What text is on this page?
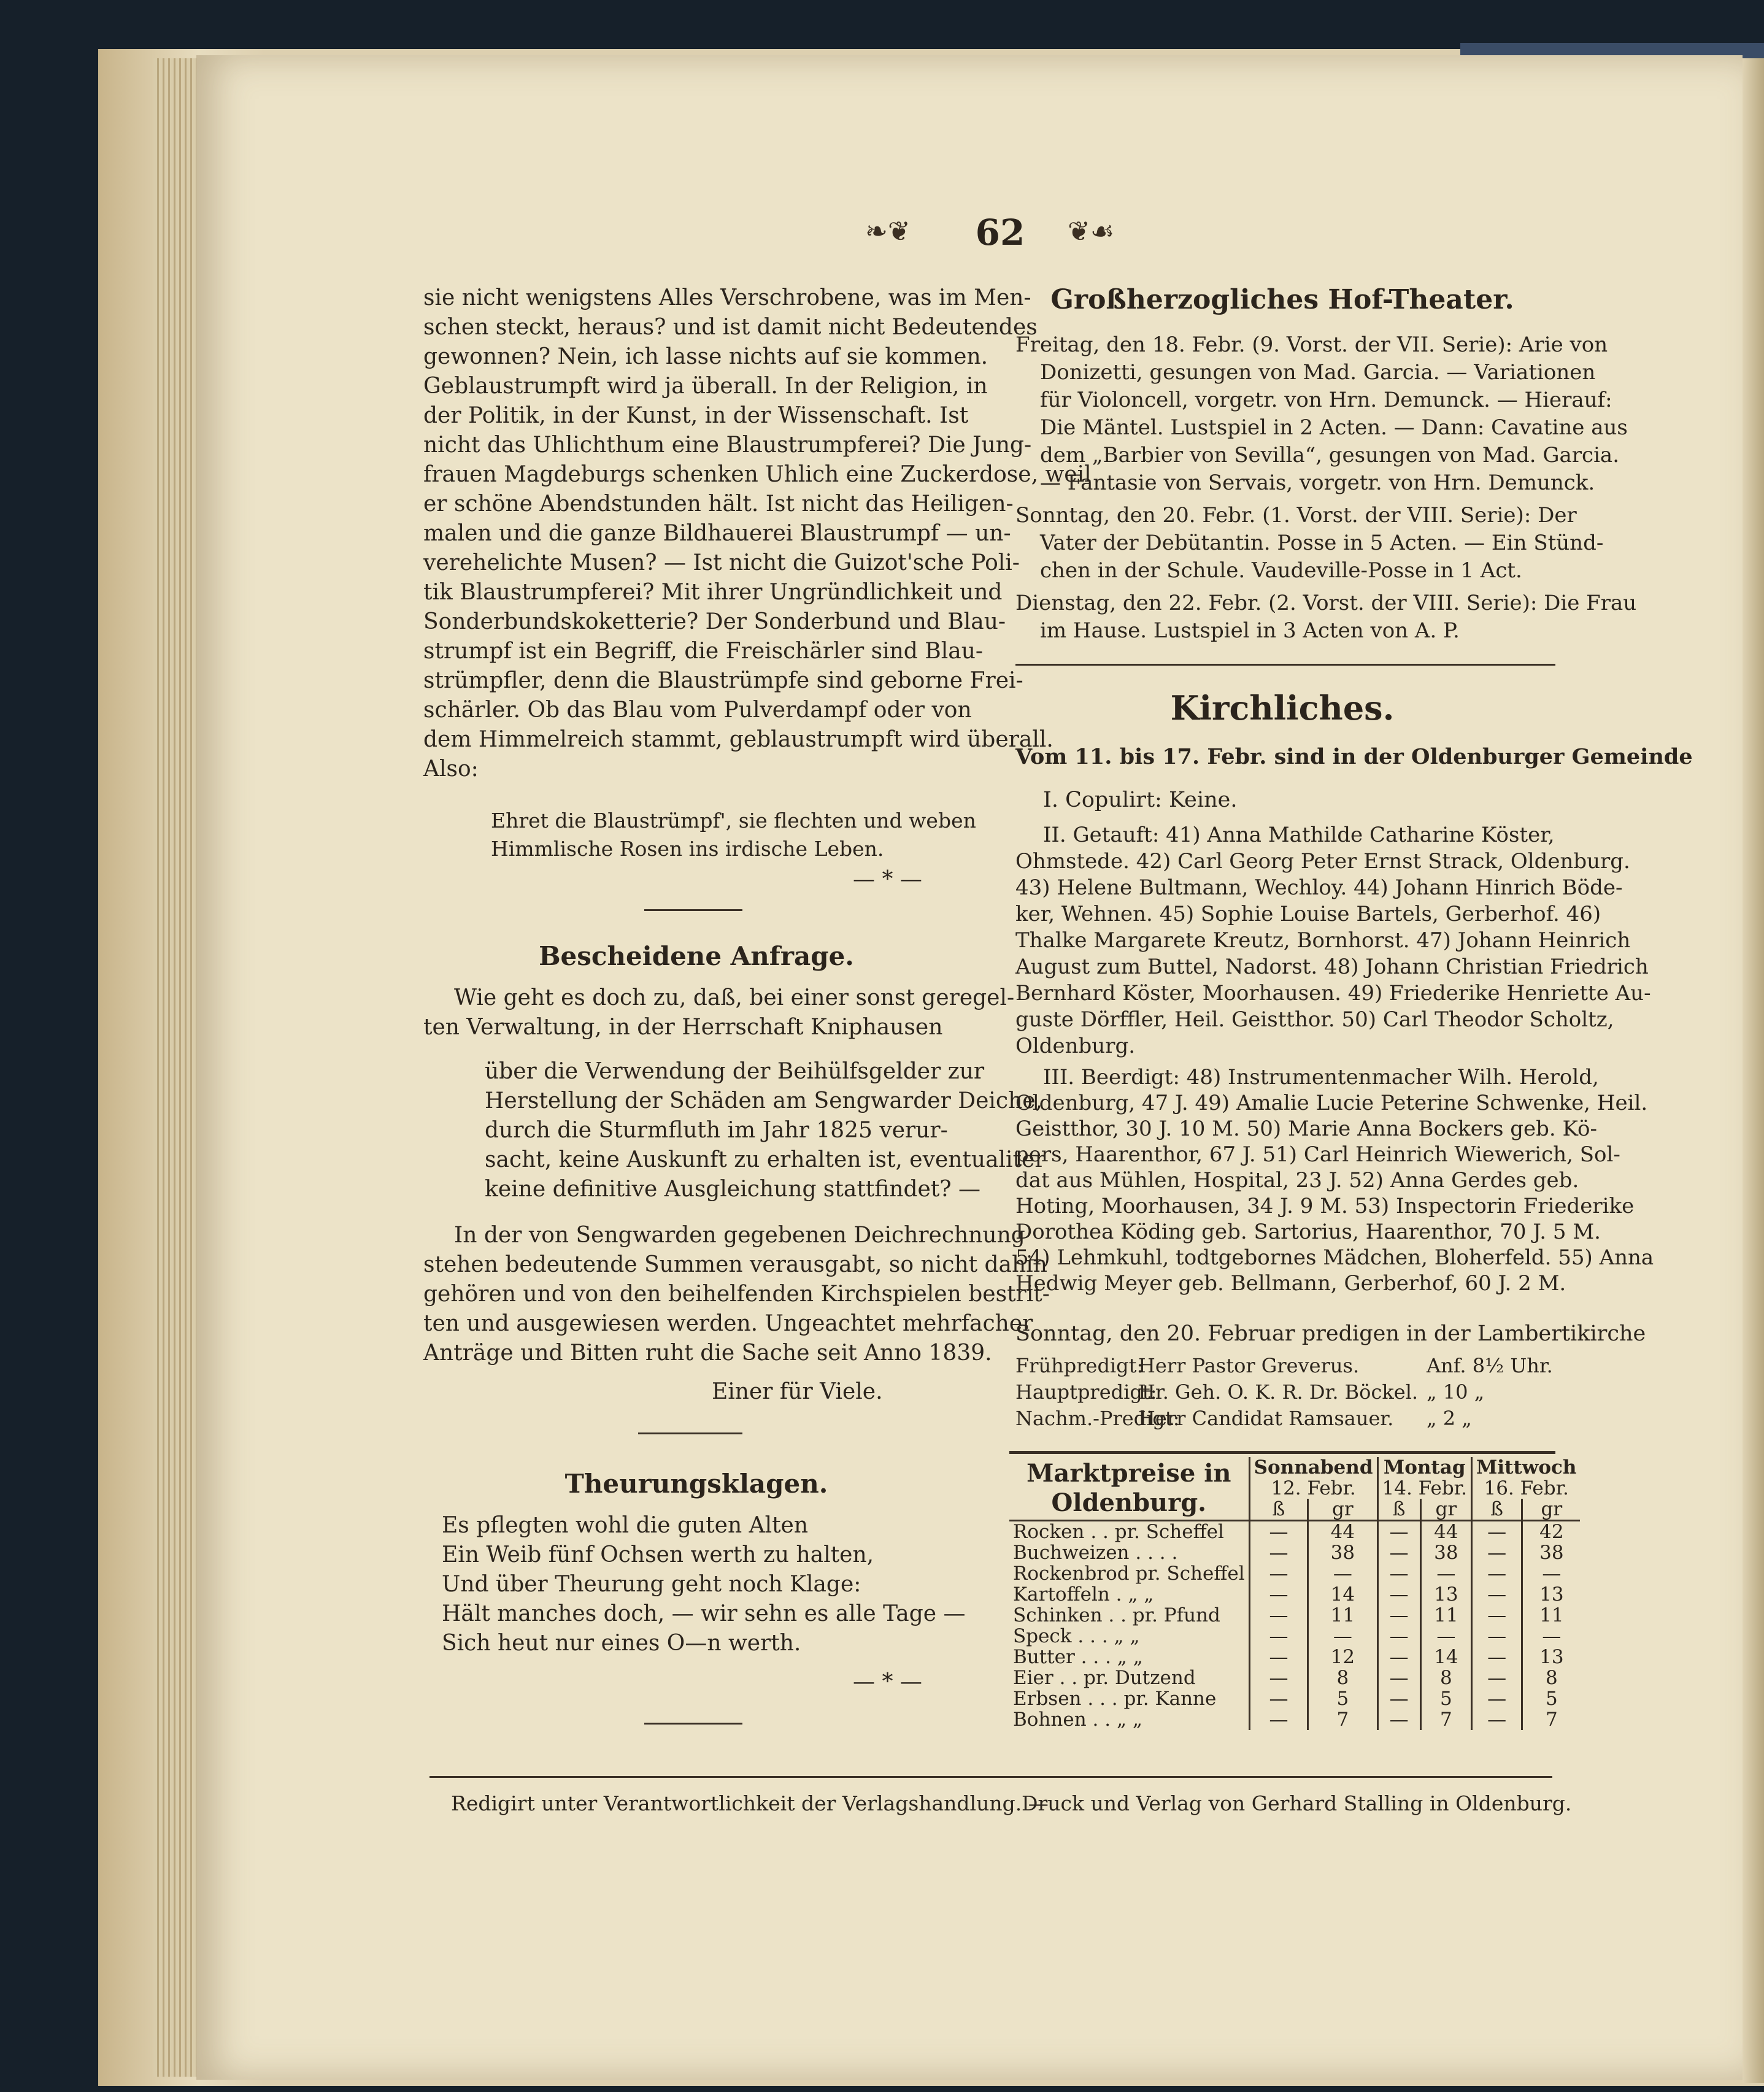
❧❦	62	❦☙
sie nicht wenigstens Alles Verschrobene, was im Men-
schen steckt, heraus? und ist damit nicht Bedeutendes
gewonnen? Nein, ich lasse nichts auf sie kommen.
Geblaustrumpft wird ja überall. In der Religion, in
der Politik, in der Kunst, in der Wissenschaft. Ist
nicht das Uhlichthum eine Blaustrumpferei? Die Jung-
frauen Magdeburgs schenken Uhlich eine Zuckerdose, weil
er schöne Abendstunden hält. Ist nicht das Heiligen-
malen und die ganze Bildhauerei Blaustrumpf — un-
verehelichte Musen? — Ist nicht die Guizot'sche Poli-
tik Blaustrumpferei? Mit ihrer Ungründlichkeit und
Sonderbundskoketterie? Der Sonderbund und Blau-
strumpf ist ein Begriff, die Freischärler sind Blau-
strümpfler, denn die Blaustrümpfe sind geborne Frei-
schärler. Ob das Blau vom Pulverdampf oder von
dem Himmelreich stammt, geblaustrumpft wird überall.
Also:
Ehret die Blaustrümpf', sie flechten und weben
Himmlische Rosen ins irdische Leben.
— * —
Bescheidene Anfrage.
Wie geht es doch zu, daß, bei einer sonst geregel-
ten Verwaltung, in der Herrschaft Kniphausen
über die Verwendung der Beihülfsgelder zur
Herstellung der Schäden am Sengwarder Deiche,
durch die Sturmfluth im Jahr 1825 verur-
sacht, keine Auskunft zu erhalten ist, eventualiter
keine definitive Ausgleichung stattfindet? —
In der von Sengwarden gegebenen Deichrechnung
stehen bedeutende Summen verausgabt, so nicht dahin
gehören und von den beihelfenden Kirchspielen bestrit-
ten und ausgewiesen werden. Ungeachtet mehrfacher
Anträge und Bitten ruht die Sache seit Anno 1839.
Einer für Viele.
Theurungsklagen.
Es pflegten wohl die guten Alten
Ein Weib fünf Ochsen werth zu halten,
Und über Theurung geht noch Klage:
Hält manches doch, — wir sehn es alle Tage —
Sich heut nur eines O—n werth.
— * —
Großherzogliches Hof-Theater.
Freitag, den 18. Febr. (9. Vorst. der VII. Serie): Arie von
Donizetti, gesungen von Mad. Garcia. — Variationen
für Violoncell, vorgetr. von Hrn. Demunck. — Hierauf:
Die Mäntel. Lustspiel in 2 Acten. — Dann: Cavatine aus
dem „Barbier von Sevilla“, gesungen von Mad. Garcia.
— Fantasie von Servais, vorgetr. von Hrn. Demunck.
Sonntag, den 20. Febr. (1. Vorst. der VIII. Serie): Der
Vater der Debütantin. Posse in 5 Acten. — Ein Stünd-
chen in der Schule. Vaudeville-Posse in 1 Act.
Dienstag, den 22. Febr. (2. Vorst. der VIII. Serie): Die Frau
im Hause. Lustspiel in 3 Acten von A. P.
Kirchliches.
Vom 11. bis 17. Febr. sind in der Oldenburger Gemeinde
I. Copulirt: Keine.
II. Getauft: 41) Anna Mathilde Catharine Köster,
Ohmstede. 42) Carl Georg Peter Ernst Strack, Oldenburg.
43) Helene Bultmann, Wechloy. 44) Johann Hinrich Böde-
ker, Wehnen. 45) Sophie Louise Bartels, Gerberhof. 46)
Thalke Margarete Kreutz, Bornhorst. 47) Johann Heinrich
August zum Buttel, Nadorst. 48) Johann Christian Friedrich
Bernhard Köster, Moorhausen. 49) Friederike Henriette Au-
guste Dörffler, Heil. Geistthor. 50) Carl Theodor Scholtz,
Oldenburg.
III. Beerdigt: 48) Instrumentenmacher Wilh. Herold,
Oldenburg, 47 J. 49) Amalie Lucie Peterine Schwenke, Heil.
Geistthor, 30 J. 10 M. 50) Marie Anna Bockers geb. Kö-
pers, Haarenthor, 67 J. 51) Carl Heinrich Wiewerich, Sol-
dat aus Mühlen, Hospital, 23 J. 52) Anna Gerdes geb.
Hoting, Moorhausen, 34 J. 9 M. 53) Inspectorin Friederike
Dorothea Köding geb. Sartorius, Haarenthor, 70 J. 5 M.
54) Lehmkuhl, todtgebornes Mädchen, Bloherfeld. 55) Anna
Hedwig Meyer geb. Bellmann, Gerberhof, 60 J. 2 M.
Sonntag, den 20. Februar predigen in der Lambertikirche
Frühpredigt:
Herr Pastor Greverus.	Anf. 8½ Uhr.
Hauptpredigt:
Hr. Geh. O. K. R. Dr. Böckel. „ 10 „
Nachm.-Predigt:
Herr Candidat Ramsauer.	„ 2 „
Marktpreise in
Oldenburg.	Sonnabend		Montag		Mittwoch	
	12. Febr.		14. Febr.		16. Febr.	
	ß	gr	ß	gr	ß	gr
Rocken . . pr. Scheffel	—	44	—	44	—	42
Buchweizen . . . .	—	38	—	38	—	38
Rockenbrod pr. Scheffel	—	—	—	—	—	—
Kartoffeln . „ „	—	14	—	13	—	13
Schinken . . pr. Pfund	—	11	—	11	—	11
Speck . . . „ „	—	—	—	—	—	—
Butter . . . „ „	—	12	—	14	—	13
Eier . . pr. Dutzend	—	8	—	8	—	8
Erbsen . . . pr. Kanne	—	5	—	5	—	5
Bohnen . . „ „	—	7	—	7	—	7
Redigirt unter Verantwortlichkeit der Verlagshandlung. —
Druck und Verlag von Gerhard Stalling in Oldenburg.
